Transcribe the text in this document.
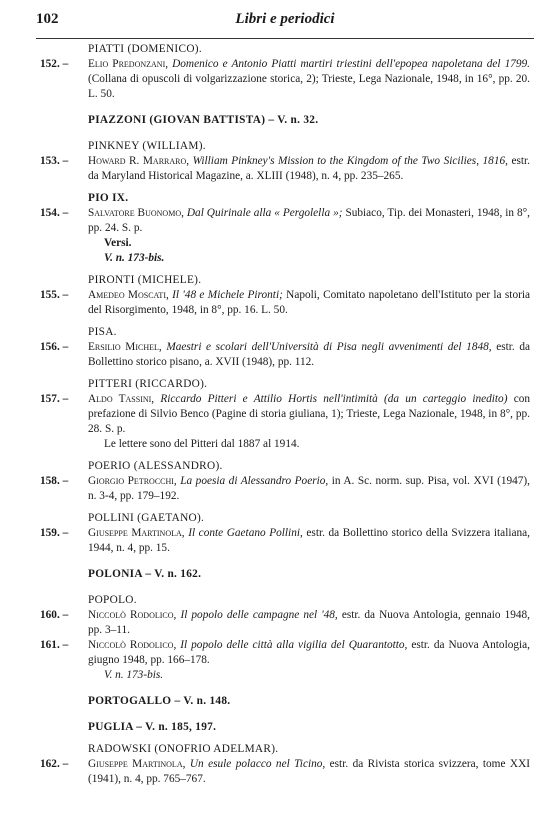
102	Libri e periodici
PIATTI (DOMENICO).
152. –	Elio Predonzani, Domenico e Antonio Piatti martiri triestini dell'epopea napoletana del 1799. (Collana di opuscoli di volgarizzazione storica, 2); Trieste, Lega Nazionale, 1948, in 16°, pp. 20. L. 50.
PIAZZONI (GIOVAN BATTISTA) – V. n. 32.
PINKNEY (WILLIAM).
153. –	Howard R. Marraro, William Pinkney's Mission to the Kingdom of the Two Sicilies, 1816, estr. da Maryland Historical Magazine, a. XLIII (1948), n. 4, pp. 235–265.
PIO IX.
154. –	Salvatore Buonomo, Dal Quirinale alla « Pergolella »; Subiaco, Tip. dei Monasteri, 1948, in 8°, pp. 24. S. p.
Versi.
V. n. 173-bis.
PIRONTI (MICHELE).
155. –	Amedeo Moscati, Il '48 e Michele Pironti; Napoli, Comitato napoletano dell'Istituto per la storia del Risorgimento, 1948, in 8°, pp. 16. L. 50.
PISA.
156. –	Ersilio Michel, Maestri e scolari dell'Università di Pisa negli avvenimenti del 1848, estr. da Bollettino storico pisano, a. XVII (1948), pp. 112.
PITTERI (RICCARDO).
157. –	Aldo Tassini, Riccardo Pitteri e Attilio Hortis nell'intimità (da un carteggio inedito) con prefazione di Silvio Benco (Pagine di storia giuliana, 1); Trieste, Lega Nazionale, 1948, in 8°, pp. 28. S. p.
Le lettere sono del Pitteri dal 1887 al 1914.
POERIO (ALESSANDRO).
158. –	Giorgio Petrocchi, La poesia di Alessandro Poerio, in A. Sc. norm. sup. Pisa, vol. XVI (1947), n. 3-4, pp. 179–192.
POLLINI (GAETANO).
159. –	Giuseppe Martinola, Il conte Gaetano Pollini, estr. da Bollettino storico della Svizzera italiana, 1944, n. 4, pp. 15.
POLONIA – V. n. 162.
POPOLO.
160. –	Niccolò Rodolico, Il popolo delle campagne nel '48, estr. da Nuova Antologia, gennaio 1948, pp. 3–11.
161. –	Niccolò Rodolico, Il popolo delle città alla vigilia del Quarantotto, estr. da Nuova Antologia, giugno 1948, pp. 166–178.
V. n. 173-bis.
PORTOGALLO – V. n. 148.
PUGLIA – V. n. 185, 197.
RADOWSKI (ONOFRIO ADELMAR).
162. –	Giuseppe Martinola, Un esule polacco nel Ticino, estr. da Rivista storica svizzera, tome XXI (1941), n. 4, pp. 765–767.
